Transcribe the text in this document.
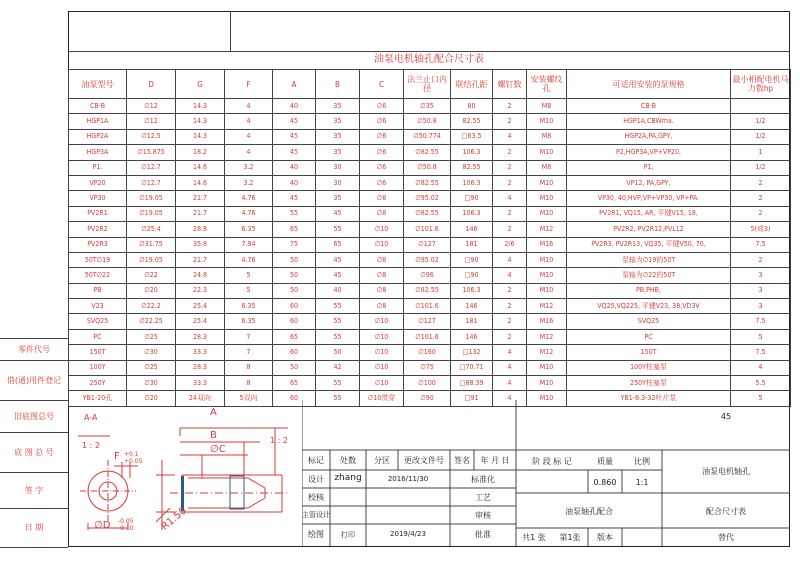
油泵电机轴孔配合尺寸表
油泵型号	D	G	F	A	B	C	法兰止口内径	联结孔距	螺钉数	安装螺纹孔	可适用安装的泵规格	最小相配电机马力数hp
CB-B	∅12	14.3	4	40	35	∅6	∅35	80	2	M8	CB-B	
HGP1A	∅12	14.3	4	45	35	∅6	∅50.8	82.55	2	M10	HGP1A,CBWma.	1/2
HGP2A	∅12.5	14.3	4	45	35	∅6	∅50.774	□63.5	4	M8	HGP2A,PA,GPY,	1/2
HGP3A	∅15.875	18.2	4	45	35	∅6	∅82.55	106.3	2	M10	P2,HGP3A,VP+VP20,	1
P1.	∅12.7	14.6	3.2	40	30	∅6	∅50.8	82.55	2	M8	P1,	1/2
VP20	∅12.7	14.6	3.2	40	30	∅6	∅82.55	106.3	2	M10	VP12, PA,GPY,	2
VP30	∅19.05	21.7	4.76	45	35	∅8	∅95.02	□90	4	M10	VP30, 40,HVP,VP+VP30, VP+PA.	2
PV2R1	∅19.05	21.7	4.76	55	45	∅8	∅82.55	106.3	2	M10	PV2R1, VQ15, AR, 平键V15, 18,	2
PV2R2	∅25.4	28.8	6.35	65	55	∅10	∅101.6	146	2	M12	PV2R2, PV2R12,PVL12	5(或3)
PV2R3	∅31.75	35.8	7.94	75	65	∅10	∅127	181	2/6	M16	PV2R3, PV2R13, VQ35, 平键V50, 70,	7.5
50T∅19	∅19.05	21.7	4.76	50	45	∅8	∅95.02	□90	4	M10	泵轴为∅19的50T	2
50T∅22	∅22	24.8	5	50	45	∅8	∅96	□90	4	M10	泵轴为∅22的50T	3
PB	∅20	22.3	5	50	40	∅8	∅82.55	106.3	2	M10	PB,PHB,	3
V23	∅22.2	25.4	6.35	60	55	∅8	∅101.6	146	2	M12	VQ25,VQ225, 平键V23, 38,VD3V	3
SVQ25	∅22.25	25.4	6.35	60	55	∅10	∅127	181	2	M16	SVQ25	7.5
PC	∅25	28.3	7	65	55	∅10	∅101.6	146	2	M12	PC	5
150T	∅30	33.3	7	60	50	∅10	∅160	□132	4	M12	150T	7.5
100Y	∅25	28.3	8	50	42	∅10	∅75	□70.71	4	M10	100Y柱塞泵	4
250Y	∅30	33.3	8	65	55	∅10	∅100	□88.39	4	M10	250Y柱塞泵	5.5
YB1-20孔	∅20	24双向	5双向	60	55	∅10贯穿	∅90	□91	4	M10	YB1-6.3-32叶片泵	5
零件代号
借(通)用件登记
旧底图总号
底 图 总 号
签 字
日 期
A-A
1 : 2
A
B
∅C
1 : 2
F +0.1
+0.05
∅D -0.05
-0.10	R1.50
45
标记	处数	分区	更改文件号	签名	年 月 日
设计	zhang	2016/11/30	标准化
校核	工艺
主管设计	审核
绘图	打印	2019/4/23	批准
阶 段 标 记	质量	比例
0.860	1:1
油泵电机轴孔
油泵轴孔配合	配合尺寸表
共1 张	第1张	版本	替代
